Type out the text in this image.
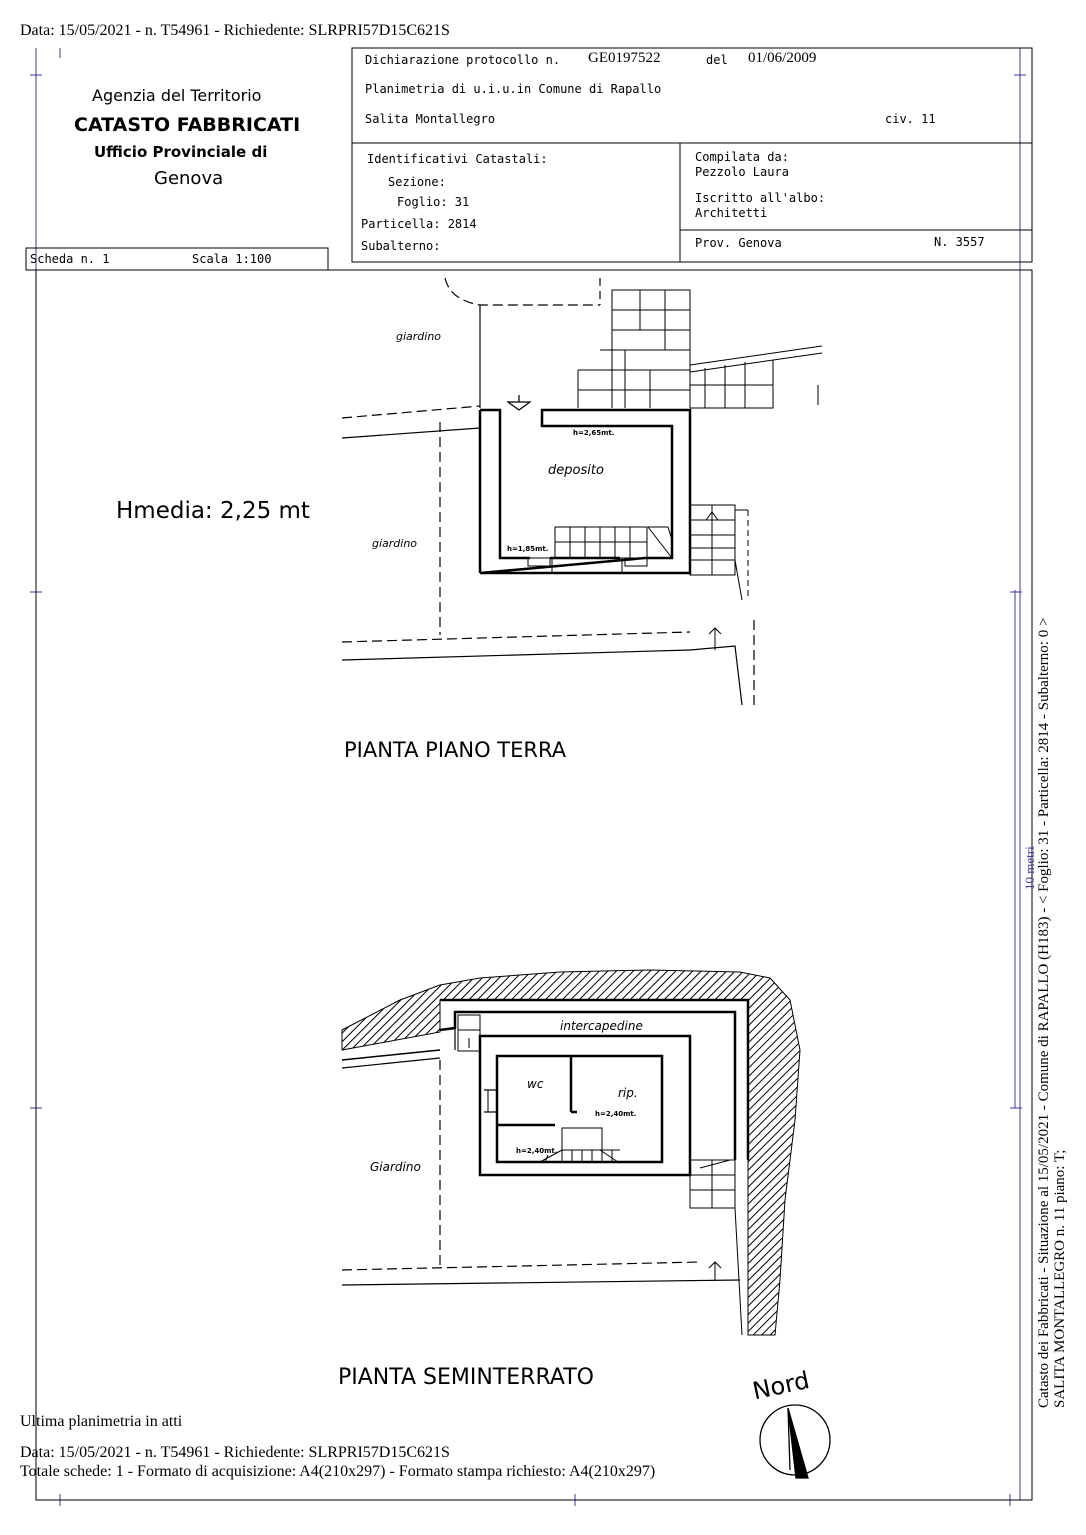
Data: 15/05/2021 - n. T54961 - Richiedente: SLRPRI57D15C621S
Agenzia del Territorio
CATASTO FABBRICATI
Ufficio Provinciale di
Genova
Scheda n. 1	Scala 1:100
Dichiarazione protocollo n. GE0197522	del 01/06/2009
Planimetria di u.i.u.in Comune di Rapallo
Salita Montallegro	civ. 11
Identificativi Catastali:
Sezione:
Foglio: 31
Particella: 2814
Subalterno:
Compilata da:
Pezzolo Laura
Iscritto all'albo:
Architetti
Prov. Genova	N. 3557
Hmedia: 2,25 mt
giardino
giardino
deposito
h=2,65mt.
h=1,85mt.
PIANTA PIANO TERRA
intercapedine
wc
rip.
h=2,40mt.
h=2,40mt.
Giardino
PIANTA SEMINTERRATO	Nord
10 metri Catasto dei Fabbricati - Situazione al 15/05/2021 - Comune di RAPALLO (H183) - < Foglio: 31 - Particella: 2814 - Subalterno: 0 > SALITA MONTALLEGRO n. 11 piano: T;
Ultima planimetria in atti
Data: 15/05/2021 - n. T54961 - Richiedente: SLRPRI57D15C621S
Totale schede: 1 - Formato di acquisizione: A4(210x297) - Formato stampa richiesto: A4(210x297)
